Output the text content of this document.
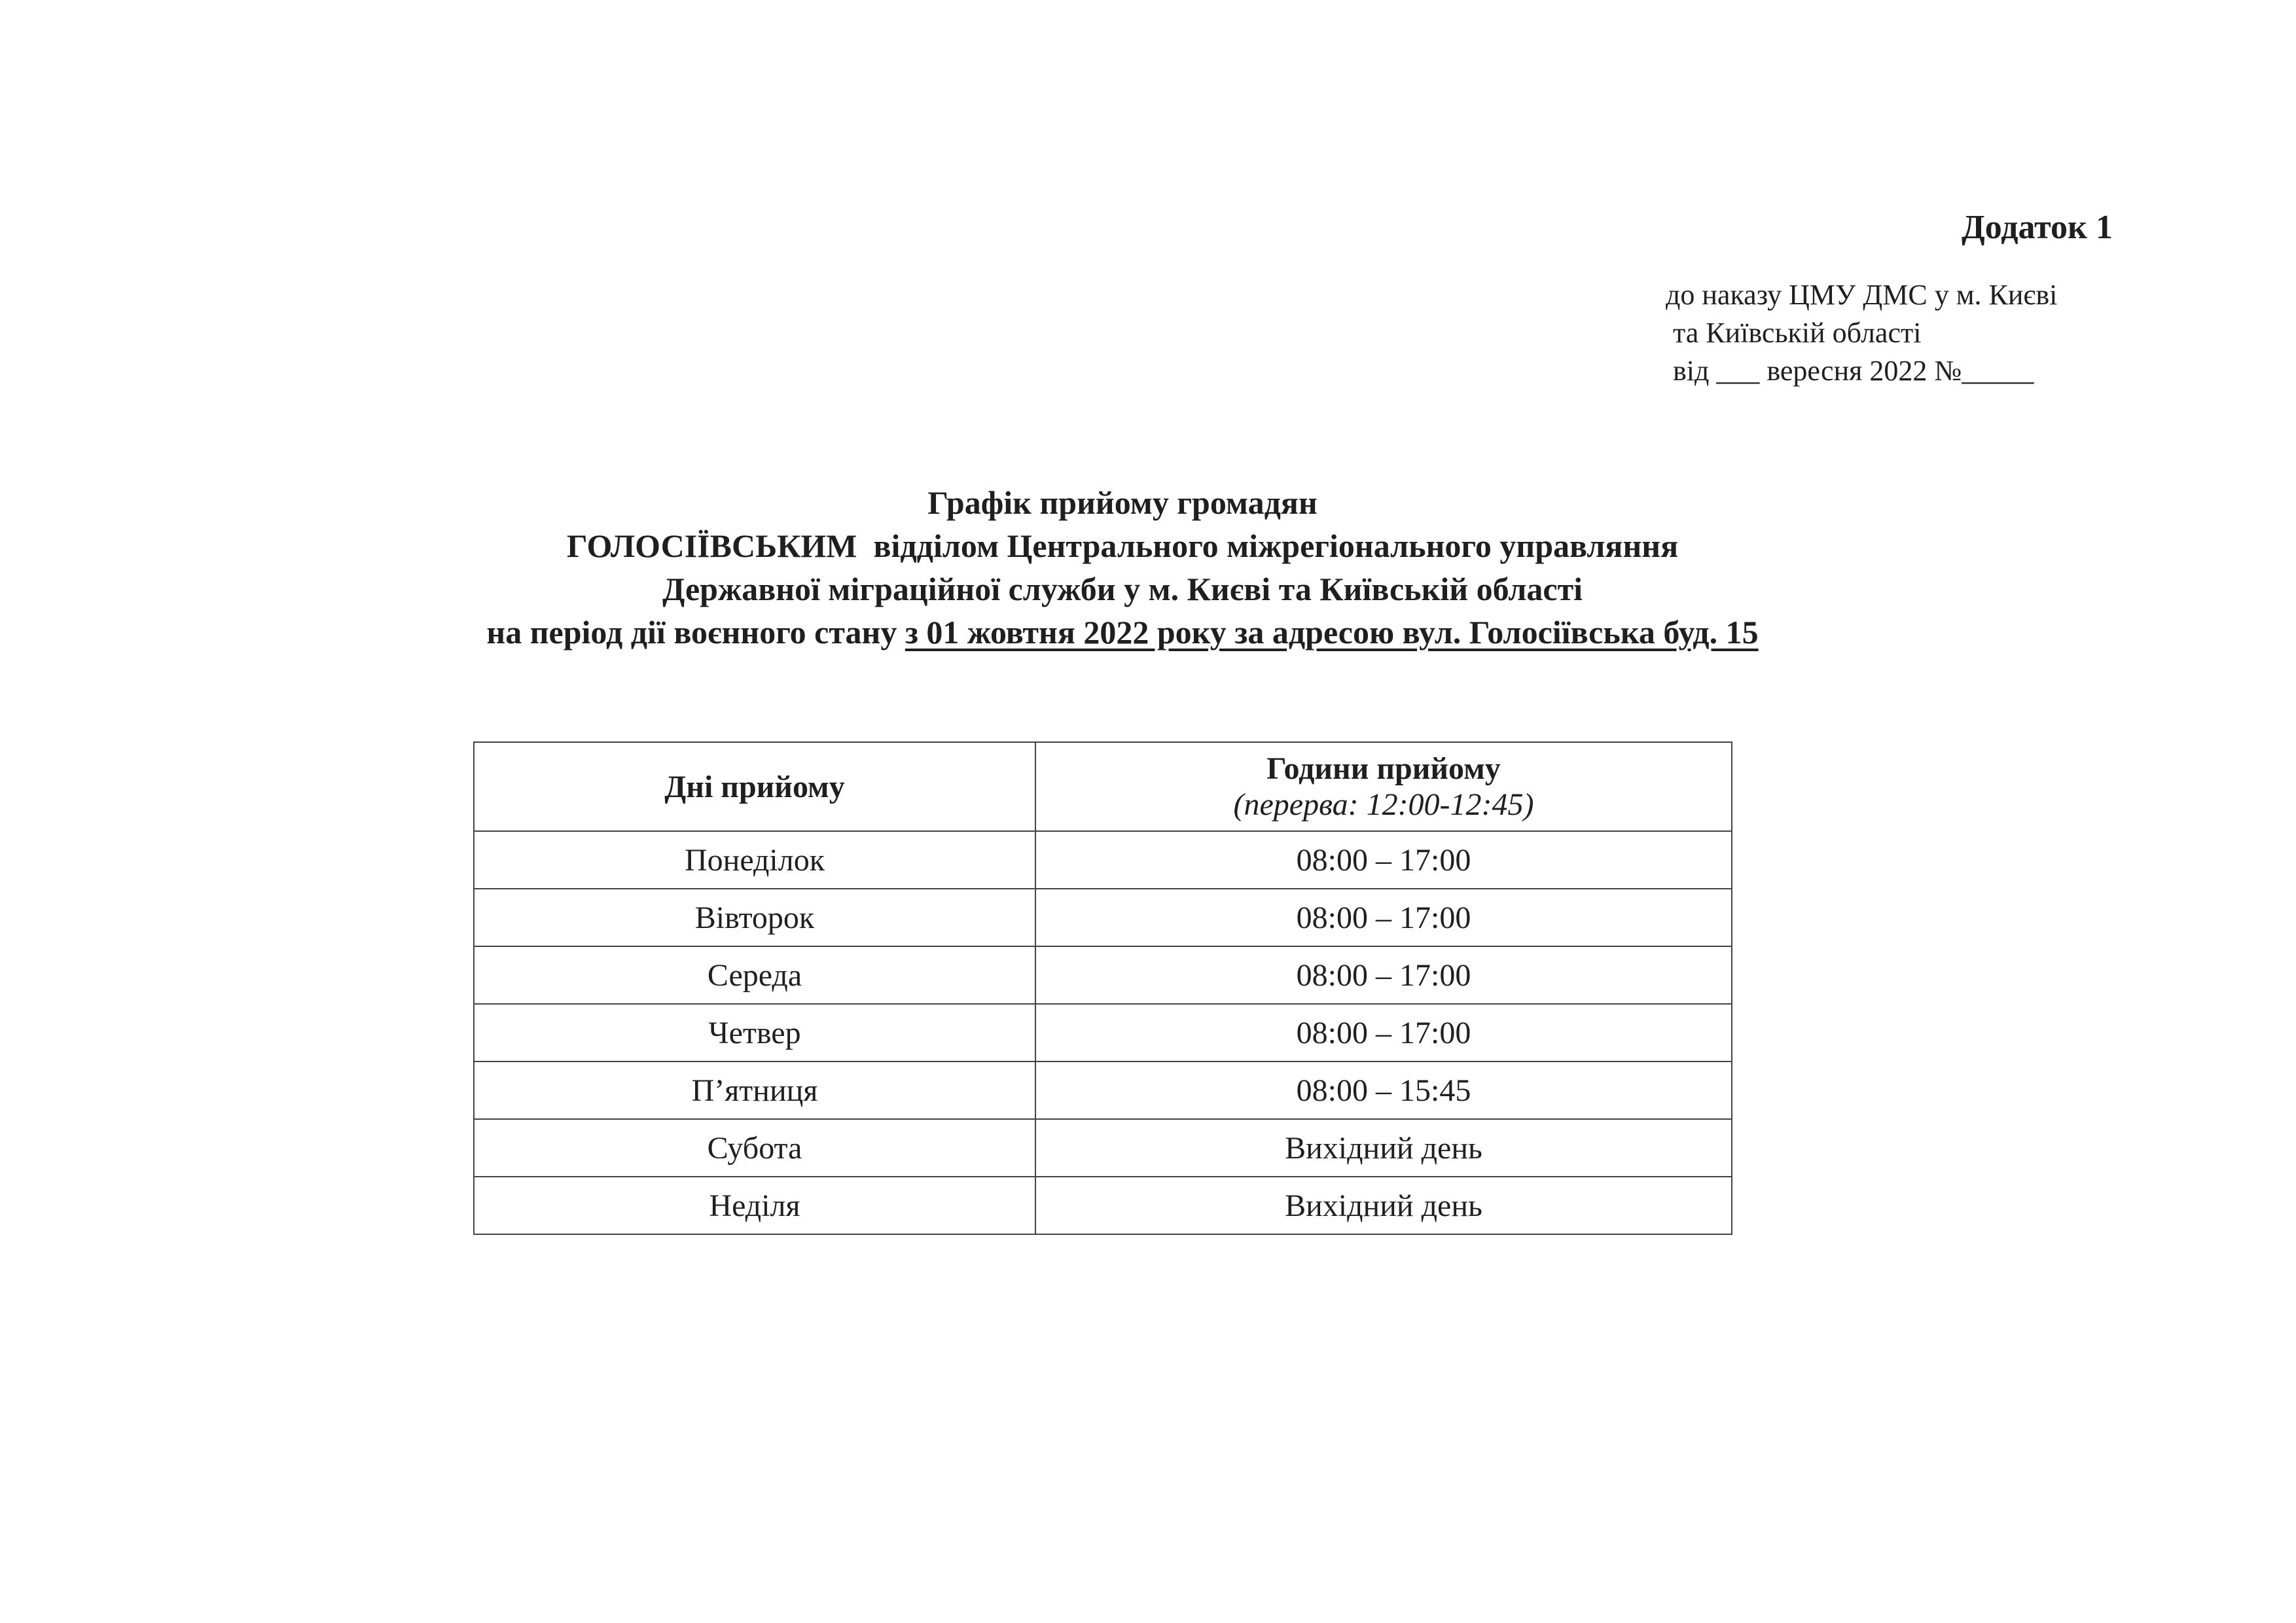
Додаток 1
до наказу ЦМУ ДМС у м. Києві
та Київській області
від ___ вересня 2022 №_____
Графік прийому громадян
ГОЛОСІЇВСЬКИМ  відділом Центрального міжрегіонального управляння
Державної міграційної служби у м. Києві та Київській області
на період дії воєнного стану з 01 жовтня 2022 року за адресою вул. Голосіївська буд. 15
Дні прийому	Години прийому
(перерва: 12:00-12:45)

Понеділок	08:00 – 17:00
Вівторок	08:00 – 17:00
Середа	08:00 – 17:00
Четвер	08:00 – 17:00
П’ятниця	08:00 – 15:45
Субота	Вихідний день
Неділя	Вихідний день
